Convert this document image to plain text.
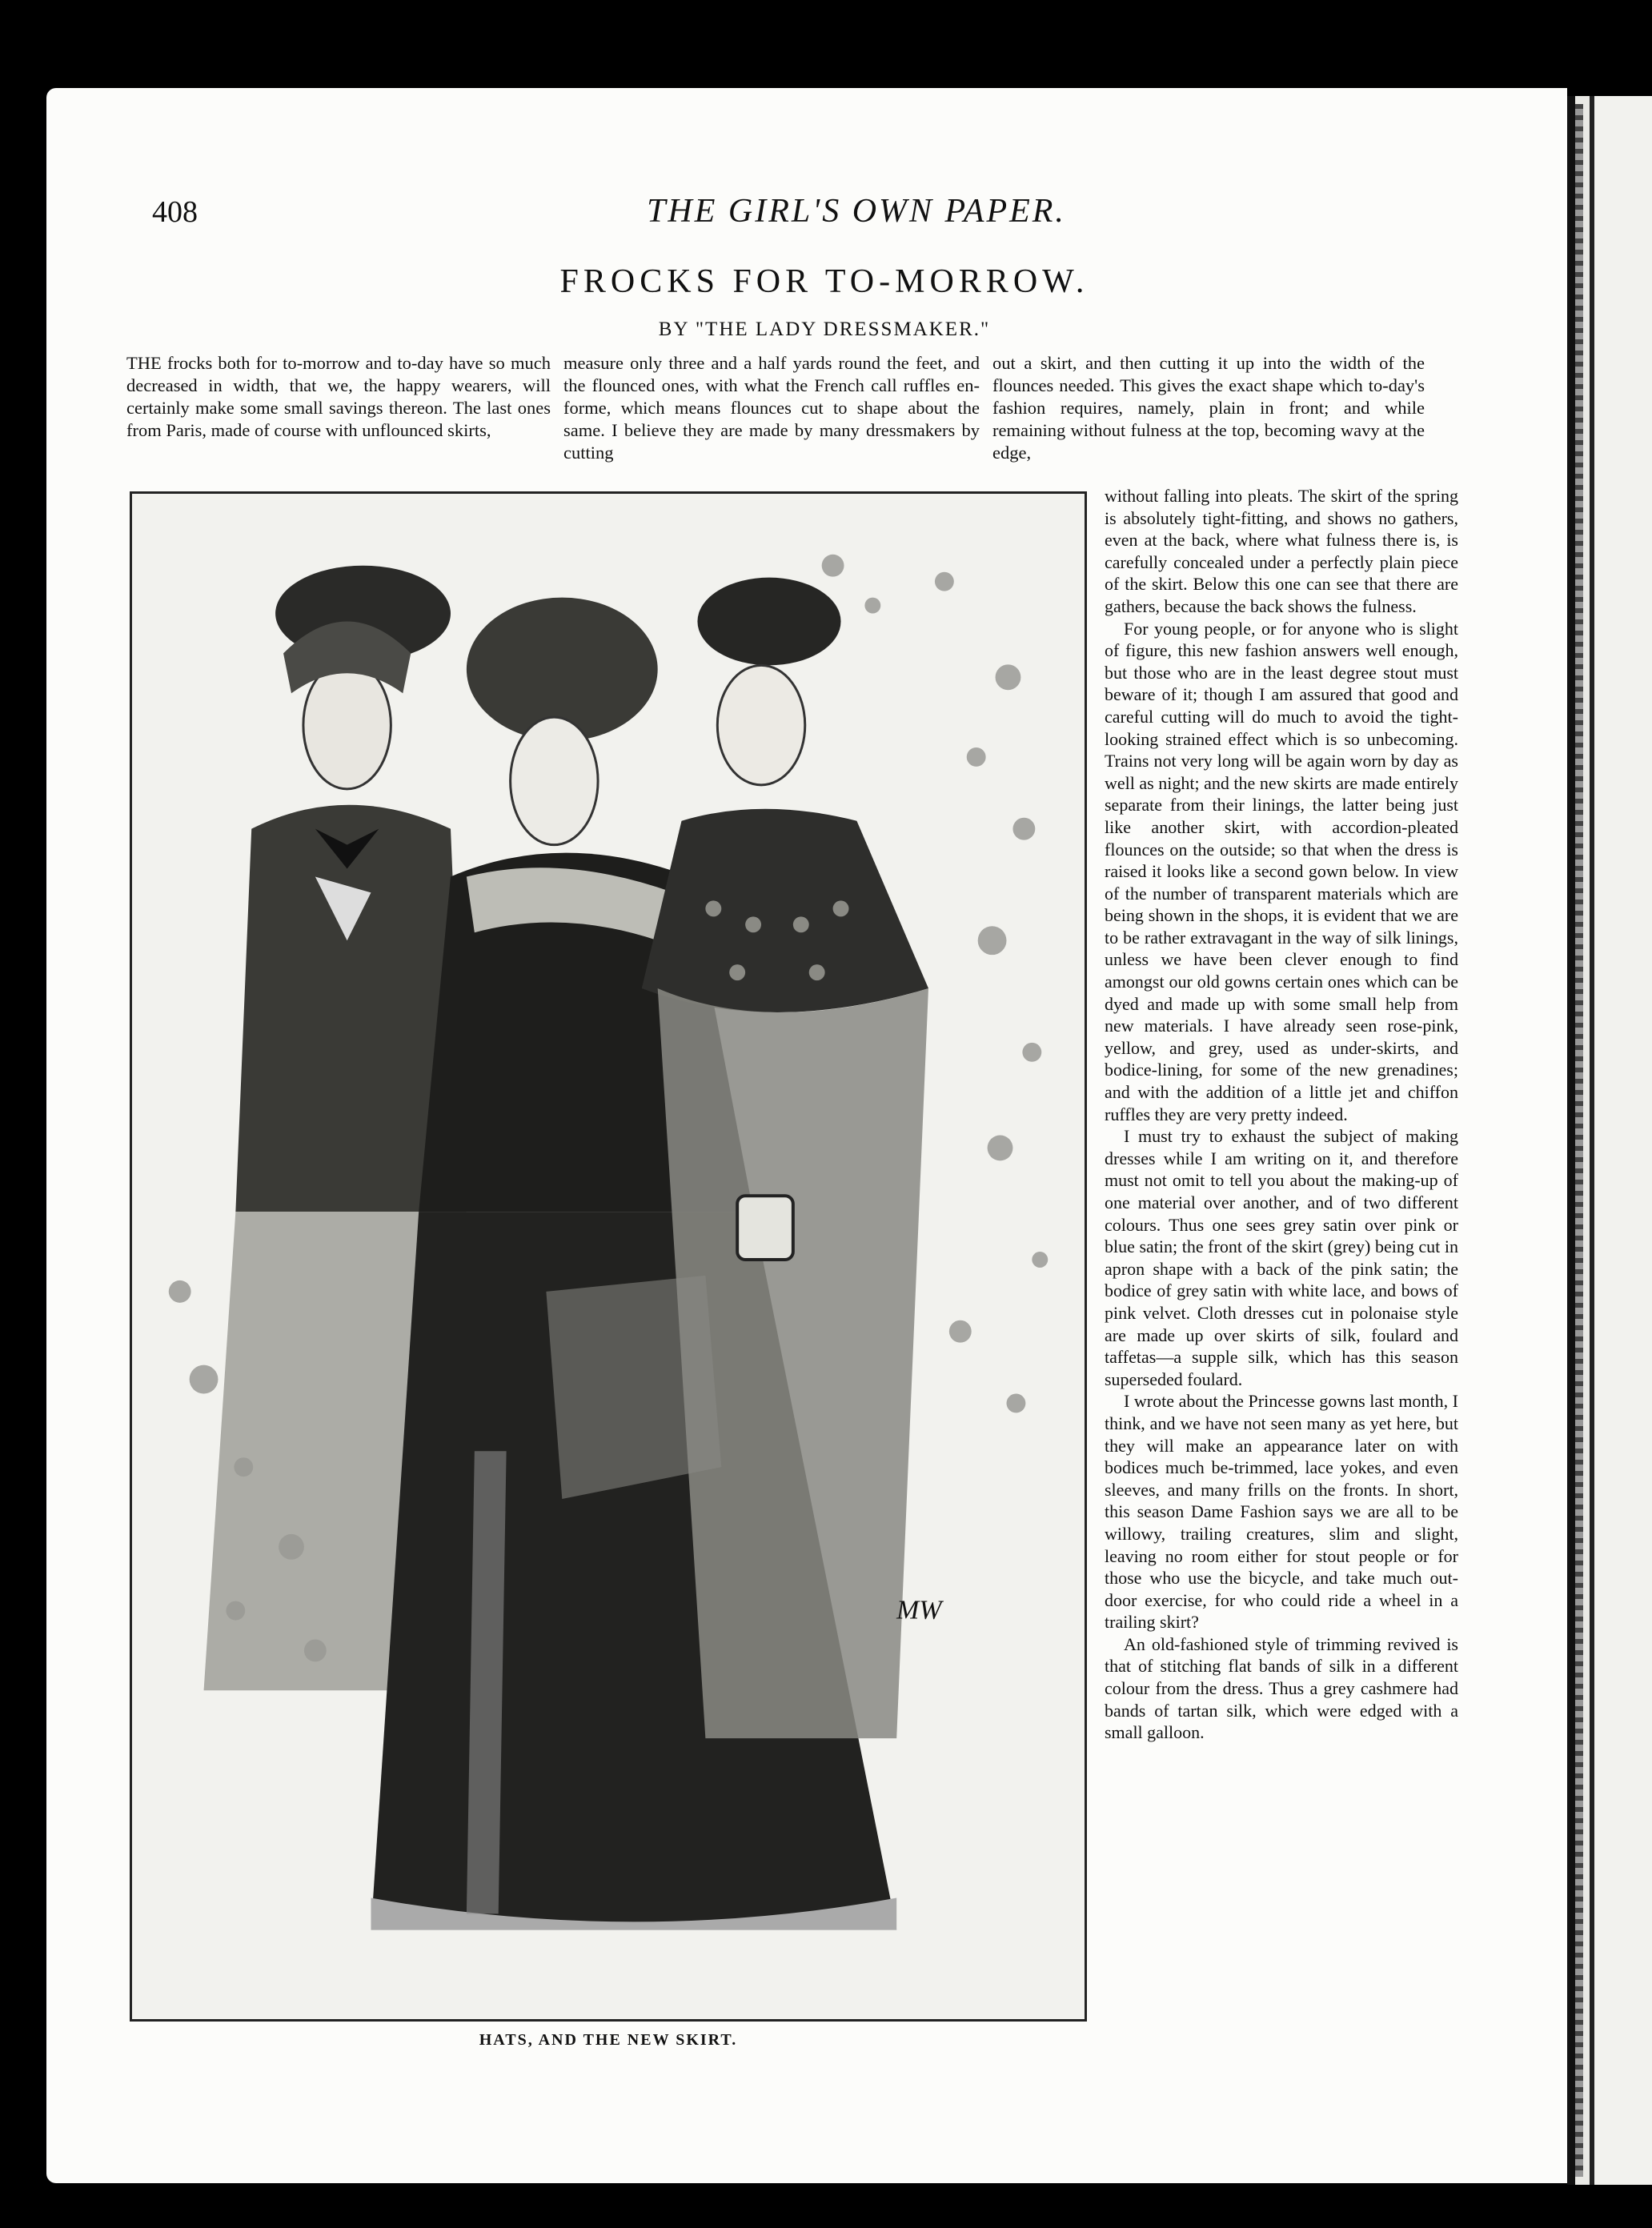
408	THE GIRL'S OWN PAPER.
FROCKS FOR TO-MORROW.
BY "THE LADY DRESSMAKER."

THE frocks both for to-morrow and to-day have so much decreased in width, that we, the happy wearers, will certainly make some small savings thereon. The last ones from Paris, made of course with unflounced skirts,

measure only three and a half yards round the feet, and the flounced ones, with what the French call ruffles en-forme, which means flounces cut to shape about the same. I believe they are made by many dressmakers by cutting

out a skirt, and then cutting it up into the width of the flounces needed. This gives the exact shape which to-day's fashion requires, namely, plain in front; and while remaining without fulness at the top, becoming wavy at the edge,

without falling into pleats. The skirt of the spring is absolutely tight-fitting, and shows no gathers, even at the back, where what fulness there is, is carefully concealed under a perfectly plain piece of the skirt. Below this one can see that there are gathers, because the back shows the fulness.

For young people, or for anyone who is slight of figure, this new fashion answers well enough, but those who are in the least degree stout must beware of it; though I am assured that good and careful cutting will do much to avoid the tight-looking strained effect which is so unbecoming. Trains not very long will be again worn by day as well as night; and the new skirts are made entirely separate from their linings, the latter being just like another skirt, with accordion-pleated flounces on the outside; so that when the dress is raised it looks like a second gown below. In view of the number of transparent materials which are being shown in the shops, it is evident that we are to be rather extravagant in the way of silk linings, unless we have been clever enough to find amongst our old gowns certain ones which can be dyed and made up with some small help from new materials. I have already seen rose-pink, yellow, and grey, used as under-skirts, and bodice-lining, for some of the new grenadines; and with the addition of a little jet and chiffon ruffles they are very pretty indeed.

I must try to exhaust the subject of making dresses while I am writing on it, and therefore must not omit to tell you about the making-up of one material over another, and of two different colours. Thus one sees grey satin over pink or blue satin; the front of the skirt (grey) being cut in apron shape with a back of the pink satin; the bodice of grey satin with white lace, and bows of pink velvet. Cloth dresses cut in polonaise style are made up over skirts of silk, foulard and taffetas—a supple silk, which has this season superseded foulard.

I wrote about the Princesse gowns last month, I think, and we have not seen many as yet here, but they will make an appearance later on with bodices much be-trimmed, lace yokes, and even sleeves, and many frills on the fronts. In short, this season Dame Fashion says we are all to be willowy, trailing creatures, slim and slight, leaving no room either for stout people or for those who use the bicycle, and take much out-door exercise, for who could ride a wheel in a trailing skirt?

An old-fashioned style of trimming revived is that of stitching flat bands of silk in a different colour from the dress. Thus a grey cashmere had bands of tartan silk, which were edged with a small galloon.

MW
HATS, AND THE NEW SKIRT.
